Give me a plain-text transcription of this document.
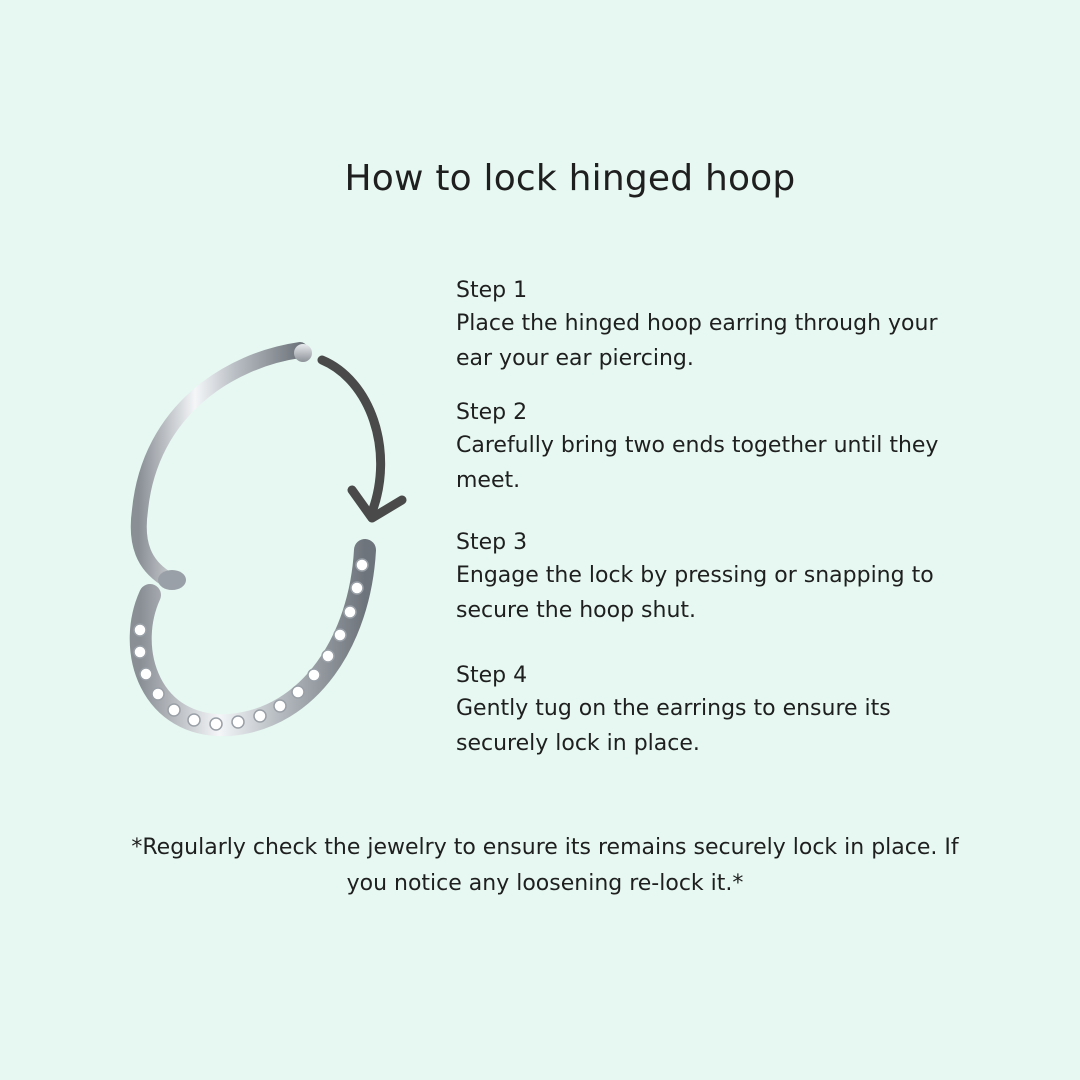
How to lock hinged hoop

Step 1

Place the hinged hoop earring through your ear your ear piercing.

Step 2

Carefully bring two ends together until they meet.

Step 3

Engage the lock by pressing or snapping to secure the hoop shut.

Step 4

Gently tug on the earrings to ensure its securely lock in place.

*Regularly check the jewelry to ensure its remains securely lock in place. If you notice any loosening re-lock it.*
